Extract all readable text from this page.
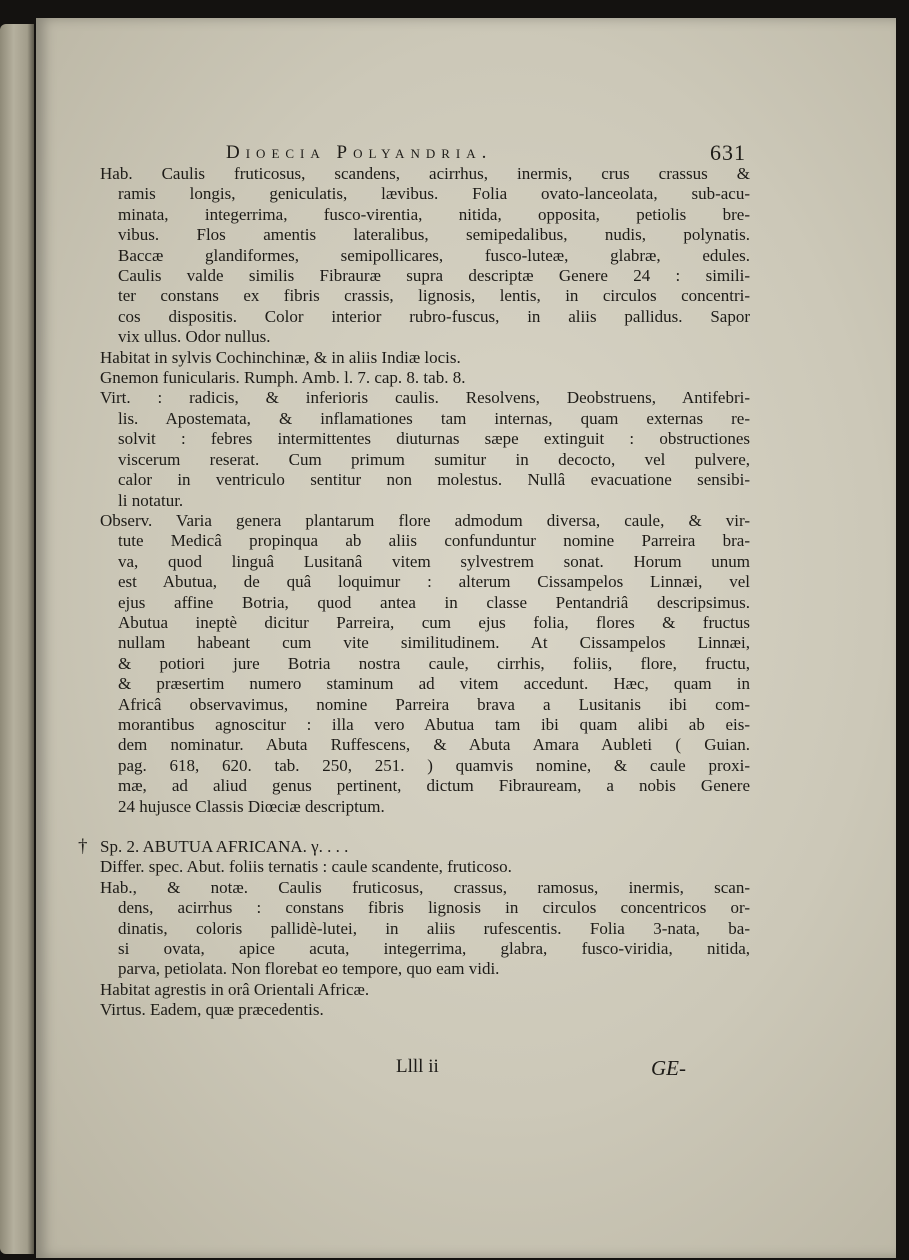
Dioecia Polyandria.	631
Hab. Caulis fruticosus, scandens, acirrhus, inermis, crus crassus &
ramis longis, geniculatis, lævibus. Folia ovato-lanceolata, sub-acu-
minata, integerrima, fusco-virentia, nitida, opposita, petiolis bre-
vibus. Flos amentis lateralibus, semipedalibus, nudis, polynatis.
Baccæ glandiformes, semipollicares, fusco-luteæ, glabræ, edules.
Caulis valde similis Fibrauræ supra descriptæ Genere 24 : simili-
ter constans ex fibris crassis, lignosis, lentis, in circulos concentri-
cos dispositis. Color interior rubro-fuscus, in aliis pallidus. Sapor
vix ullus. Odor nullus.
Habitat in sylvis Cochinchinæ, & in aliis Indiæ locis.
Gnemon funicularis. Rumph. Amb. l. 7. cap. 8. tab. 8.
Virt. : radicis, & inferioris caulis. Resolvens, Deobstruens, Antifebri-
lis. Apostemata, & inflamationes tam internas, quam externas re-
solvit : febres intermittentes diuturnas sæpe extinguit : obstructiones
viscerum reserat. Cum primum sumitur in decocto, vel pulvere,
calor in ventriculo sentitur non molestus. Nullâ evacuatione sensibi-
li notatur.
Observ. Varia genera plantarum flore admodum diversa, caule, & vir-
tute Medicâ propinqua ab aliis confunduntur nomine Parreira bra-
va, quod linguâ Lusitanâ vitem sylvestrem sonat. Horum unum
est Abutua, de quâ loquimur : alterum Cissampelos Linnæi, vel
ejus affine Botria, quod antea in classe Pentandriâ descripsimus.
Abutua ineptè dicitur Parreira, cum ejus folia, flores & fructus
nullam habeant cum vite similitudinem. At Cissampelos Linnæi,
& potiori jure Botria nostra caule, cirrhis, foliis, flore, fructu,
& præsertim numero staminum ad vitem accedunt. Hæc, quam in
Africâ observavimus, nomine Parreira brava a Lusitanis ibi com-
morantibus agnoscitur : illa vero Abutua tam ibi quam alibi ab eis-
dem nominatur. Abuta Ruffescens, & Abuta Amara Aubleti ( Guian.
pag. 618, 620. tab. 250, 251. ) quamvis nomine, & caule proxi-
mæ, ad aliud genus pertinent, dictum Fibrauream, a nobis Genere
24 hujusce Classis Diœciæ descriptum.
† Sp. 2. ABUTUA AFRICANA. γ. . . .
Differ. spec. Abut. foliis ternatis : caule scandente, fruticoso.
Hab., & notæ. Caulis fruticosus, crassus, ramosus, inermis, scan-
dens, acirrhus : constans fibris lignosis in circulos concentricos or-
dinatis, coloris pallidè-lutei, in aliis rufescentis. Folia 3-nata, ba-
si ovata, apice acuta, integerrima, glabra, fusco-viridia, nitida,
parva, petiolata. Non florebat eo tempore, quo eam vidi.
Habitat agrestis in orâ Orientali Africæ.
Virtus. Eadem, quæ præcedentis.
Llll ii	GE-
